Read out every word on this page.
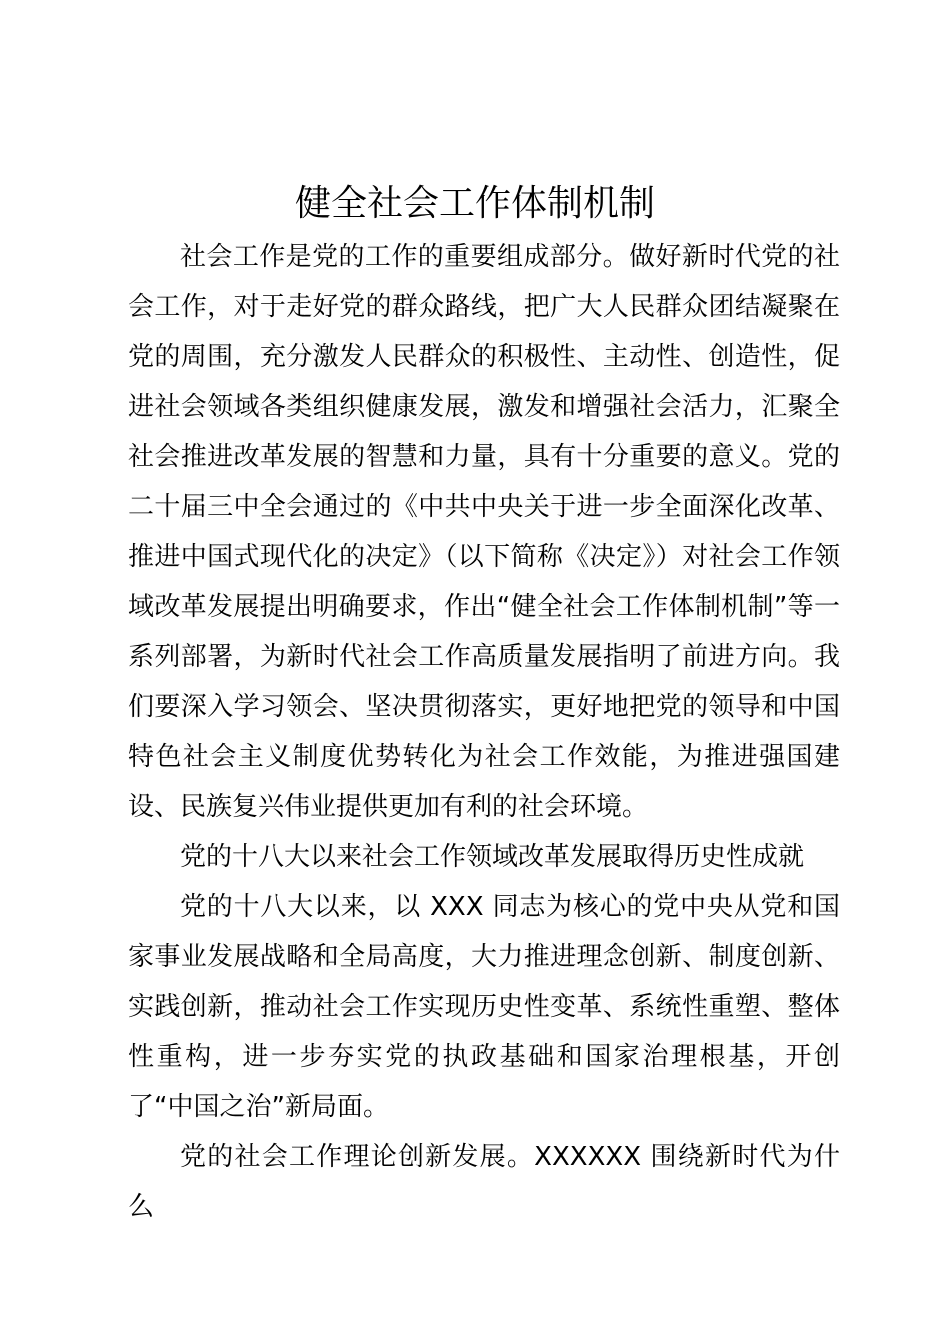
健全社会工作体制机制

社会工作是党的工作的重要组成部分。做好新时代党的社会工作，对于走好党的群众路线，把广大人民群众团结凝聚在党的周围，充分激发人民群众的积极性、主动性、创造性，促进社会领域各类组织健康发展，激发和增强社会活力，汇聚全社会推进改革发展的智慧和力量，具有十分重要的意义。党的二十届三中全会通过的《中共中央关于进一步全面深化改革、推进中国式现代化的决定》（以下简称《决定》）对社会工作领域改革发展提出明确要求，作出“健全社会工作体制机制”等一系列部署，为新时代社会工作高质量发展指明了前进方向。我们要深入学习领会、坚决贯彻落实，更好地把党的领导和中国特色社会主义制度优势转化为社会工作效能，为推进强国建设、民族复兴伟业提供更加有利的社会环境。

党的十八大以来社会工作领域改革发展取得历史性成就

党的十八大以来，以 XXX 同志为核心的党中央从党和国家事业发展战略和全局高度，大力推进理念创新、制度创新、实践创新，推动社会工作实现历史性变革、系统性重塑、整体性重构，进一步夯实党的执政基础和国家治理根基，开创了“中国之治”新局面。

党的社会工作理论创新发展。XXXXXX 围绕新时代为什么
